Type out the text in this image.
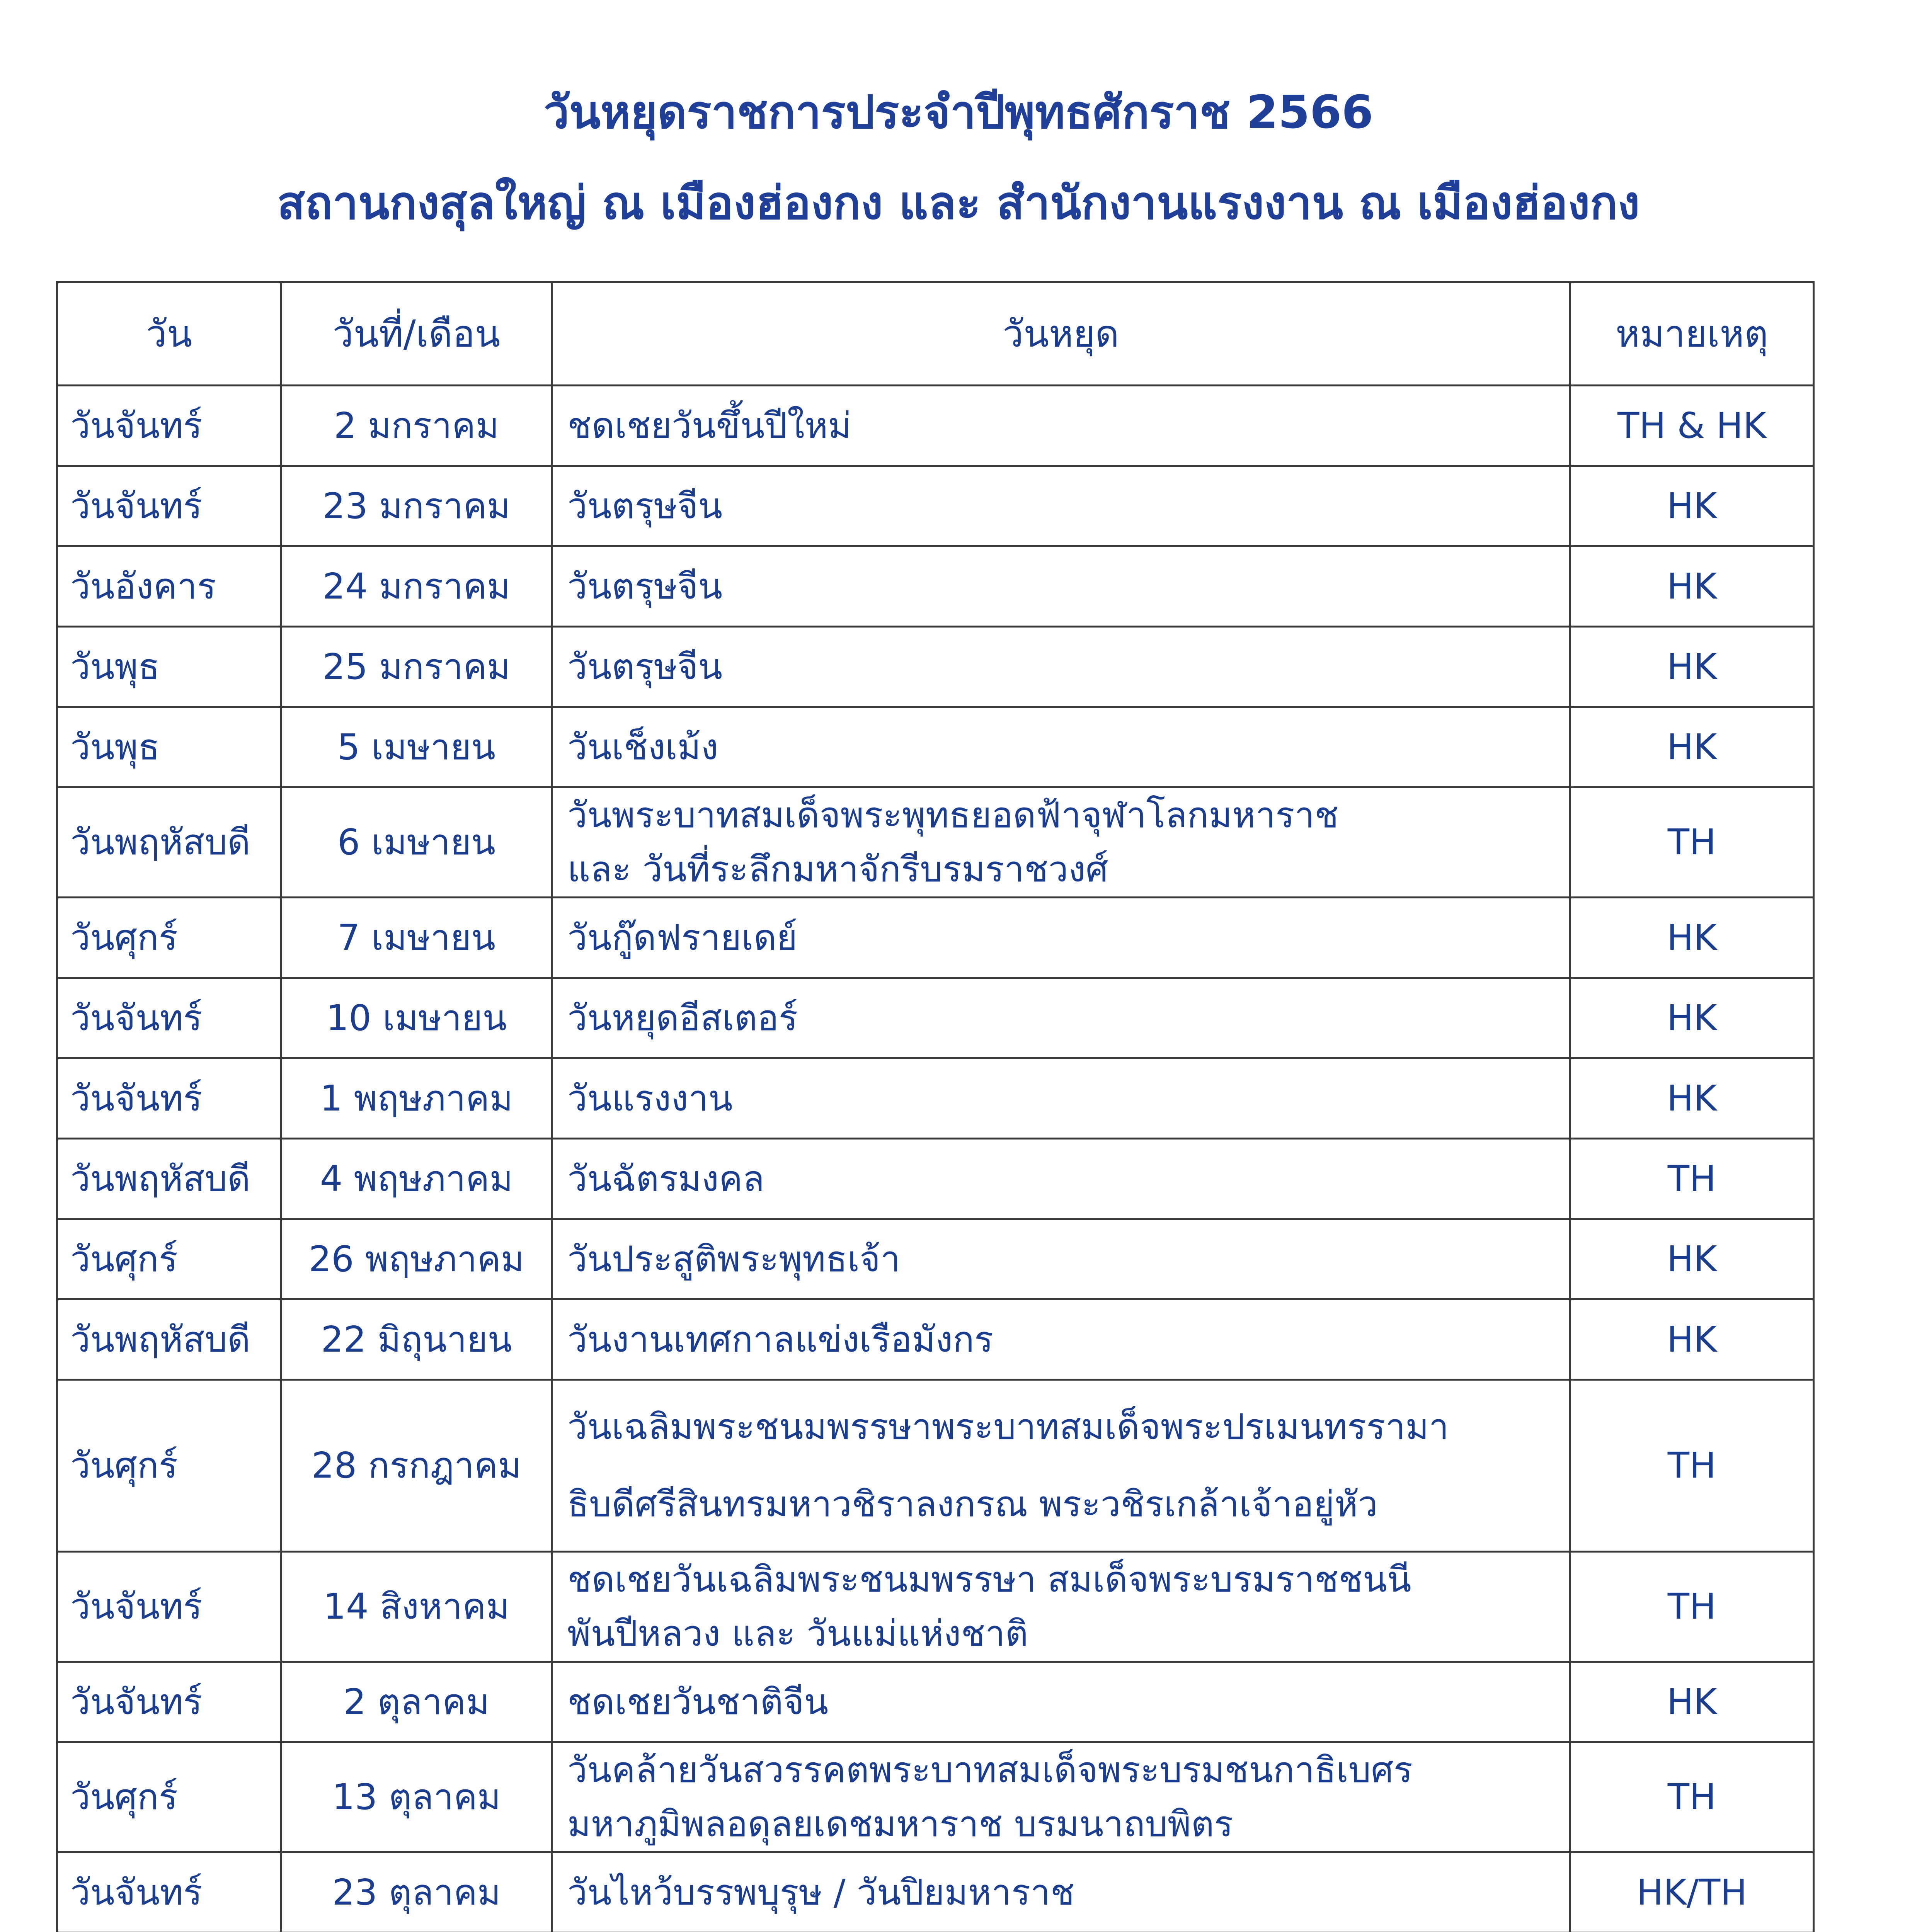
วันหยุดราชการประจำปีพุทธศักราช 2566
สถานกงสุลใหญ่ ณ เมืองฮ่องกง และ สำนักงานแรงงาน ณ เมืองฮ่องกง
วัน	วันที่/เดือน	วันหยุด	หมายเหตุ
วันจันทร์	2 มกราคม	ชดเชยวันขึ้นปีใหม่	TH & HK
วันจันทร์	23 มกราคม	วันตรุษจีน	HK
วันอังคาร	24 มกราคม	วันตรุษจีน	HK
วันพุธ	25 มกราคม	วันตรุษจีน	HK
วันพุธ	5 เมษายน	วันเช็งเม้ง	HK
วันพฤหัสบดี	6 เมษายน	วันพระบาทสมเด็จพระพุทธยอดฟ้าจุฬาโลกมหาราช
และ วันที่ระลึกมหาจักรีบรมราชวงศ์	TH
วันศุกร์	7 เมษายน	วันกู๊ดฟรายเดย์	HK
วันจันทร์	10 เมษายน	วันหยุดอีสเตอร์	HK
วันจันทร์	1 พฤษภาคม	วันแรงงาน	HK
วันพฤหัสบดี	4 พฤษภาคม	วันฉัตรมงคล	TH
วันศุกร์	26 พฤษภาคม	วันประสูติพระพุทธเจ้า	HK
วันพฤหัสบดี	22 มิถุนายน	วันงานเทศกาลแข่งเรือมังกร	HK
วันศุกร์	28 กรกฎาคม	วันเฉลิมพระชนมพรรษาพระบาทสมเด็จพระปรเมนทรรามา
ธิบดีศรีสินทรมหาวชิราลงกรณ พระวชิรเกล้าเจ้าอยู่หัว	TH
วันจันทร์	14 สิงหาคม	ชดเชยวันเฉลิมพระชนมพรรษา สมเด็จพระบรมราชชนนี
พันปีหลวง และ วันแม่แห่งชาติ	TH
วันจันทร์	2 ตุลาคม	ชดเชยวันชาติจีน	HK
วันศุกร์	13 ตุลาคม	วันคล้ายวันสวรรคตพระบาทสมเด็จพระบรมชนกาธิเบศร
มหาภูมิพลอดุลยเดชมหาราช บรมนาถบพิตร	TH
วันจันทร์	23 ตุลาคม	วันไหว้บรรพบุรุษ / วันปิยมหาราช	HK/TH
